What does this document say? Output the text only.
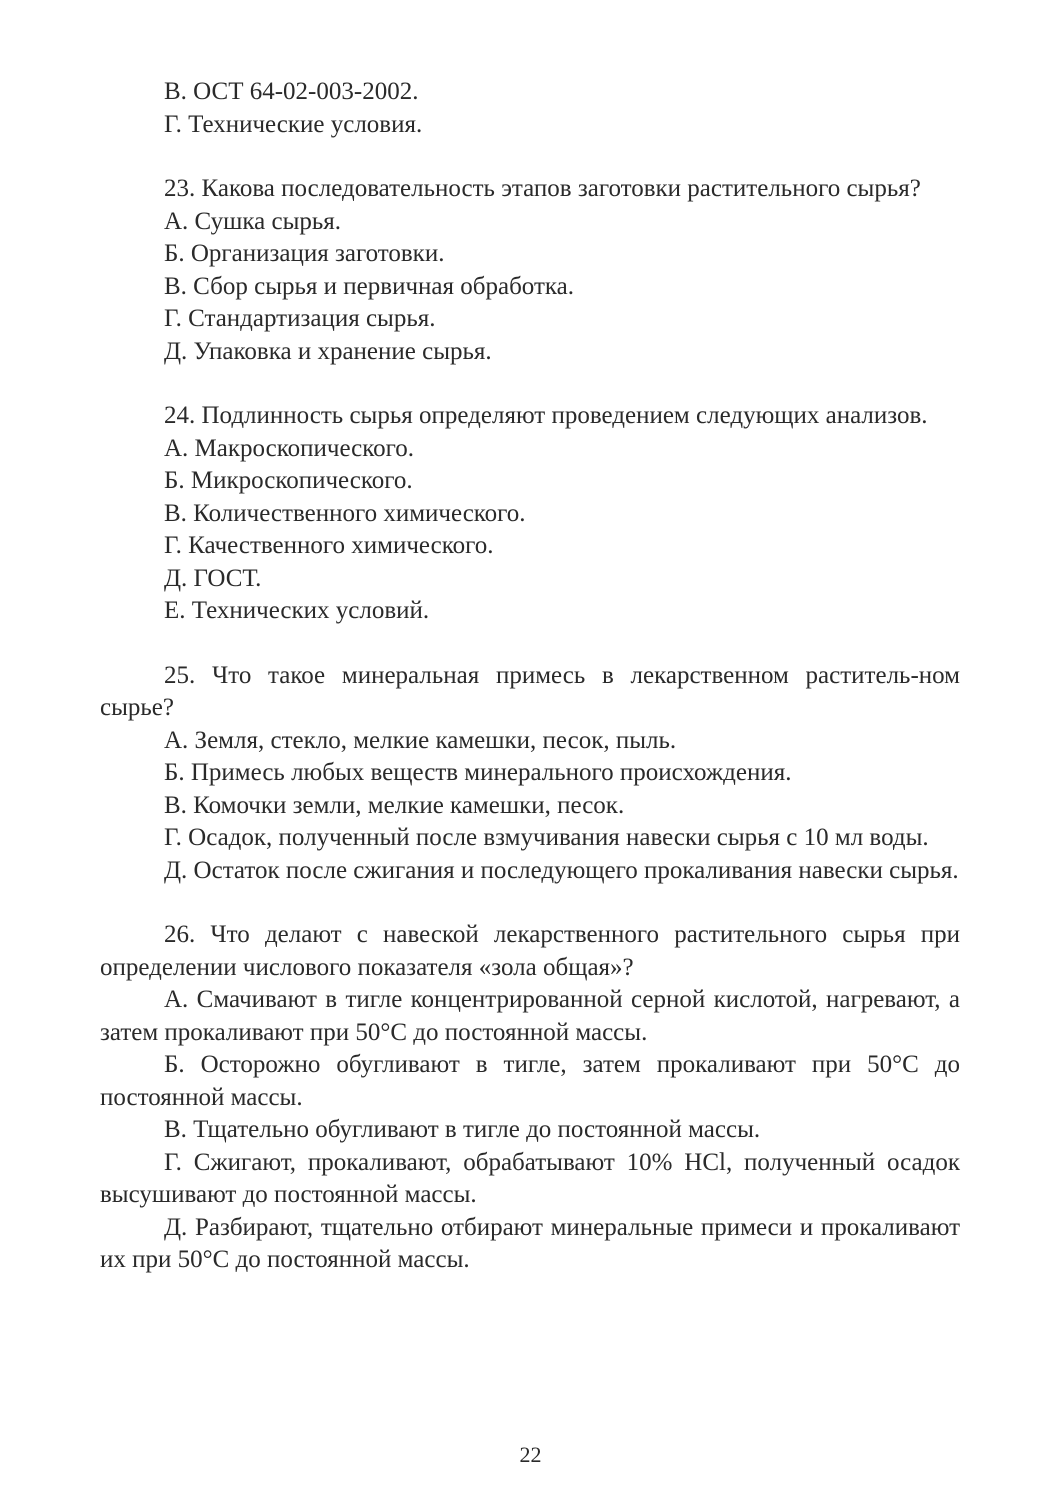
В. ОСТ 64-02-003-2002.

Г. Технические условия.

23. Какова последовательность этапов заготовки растительного сырья?

А. Сушка сырья.

Б. Организация заготовки.

В. Сбор сырья и первичная обработка.

Г. Стандартизация сырья.

Д. Упаковка и хранение сырья.

24. Подлинность сырья определяют проведением следующих анализов.

А. Макроскопического.

Б. Микроскопического.

В. Количественного химического.

Г. Качественного химического.

Д. ГОСТ.

Е. Технических условий.

25. Что такое минеральная примесь в лекарственном раститель-ном сырье?

А. Земля, стекло, мелкие камешки, песок, пыль.

Б. Примесь любых веществ минерального происхождения.

В. Комочки земли, мелкие камешки, песок.

Г. Осадок, полученный после взмучивания навески сырья с 10 мл воды.

Д. Остаток после сжигания и последующего прокаливания навески сырья.

26. Что делают с навеской лекарственного растительного сырья при определении числового показателя «зола общая»?

А. Смачивают в тигле концентрированной серной кислотой, нагревают, а затем прокаливают при 50°С до постоянной массы.

Б. Осторожно обугливают в тигле, затем прокаливают при 50°С до постоянной массы.

В. Тщательно обугливают в тигле до постоянной массы.

Г. Сжигают, прокаливают, обрабатывают 10% HCl, полученный осадок высушивают до постоянной массы.

Д. Разбирают, тщательно отбирают минеральные примеси и прокаливают их при 50°С до постоянной массы.

22
